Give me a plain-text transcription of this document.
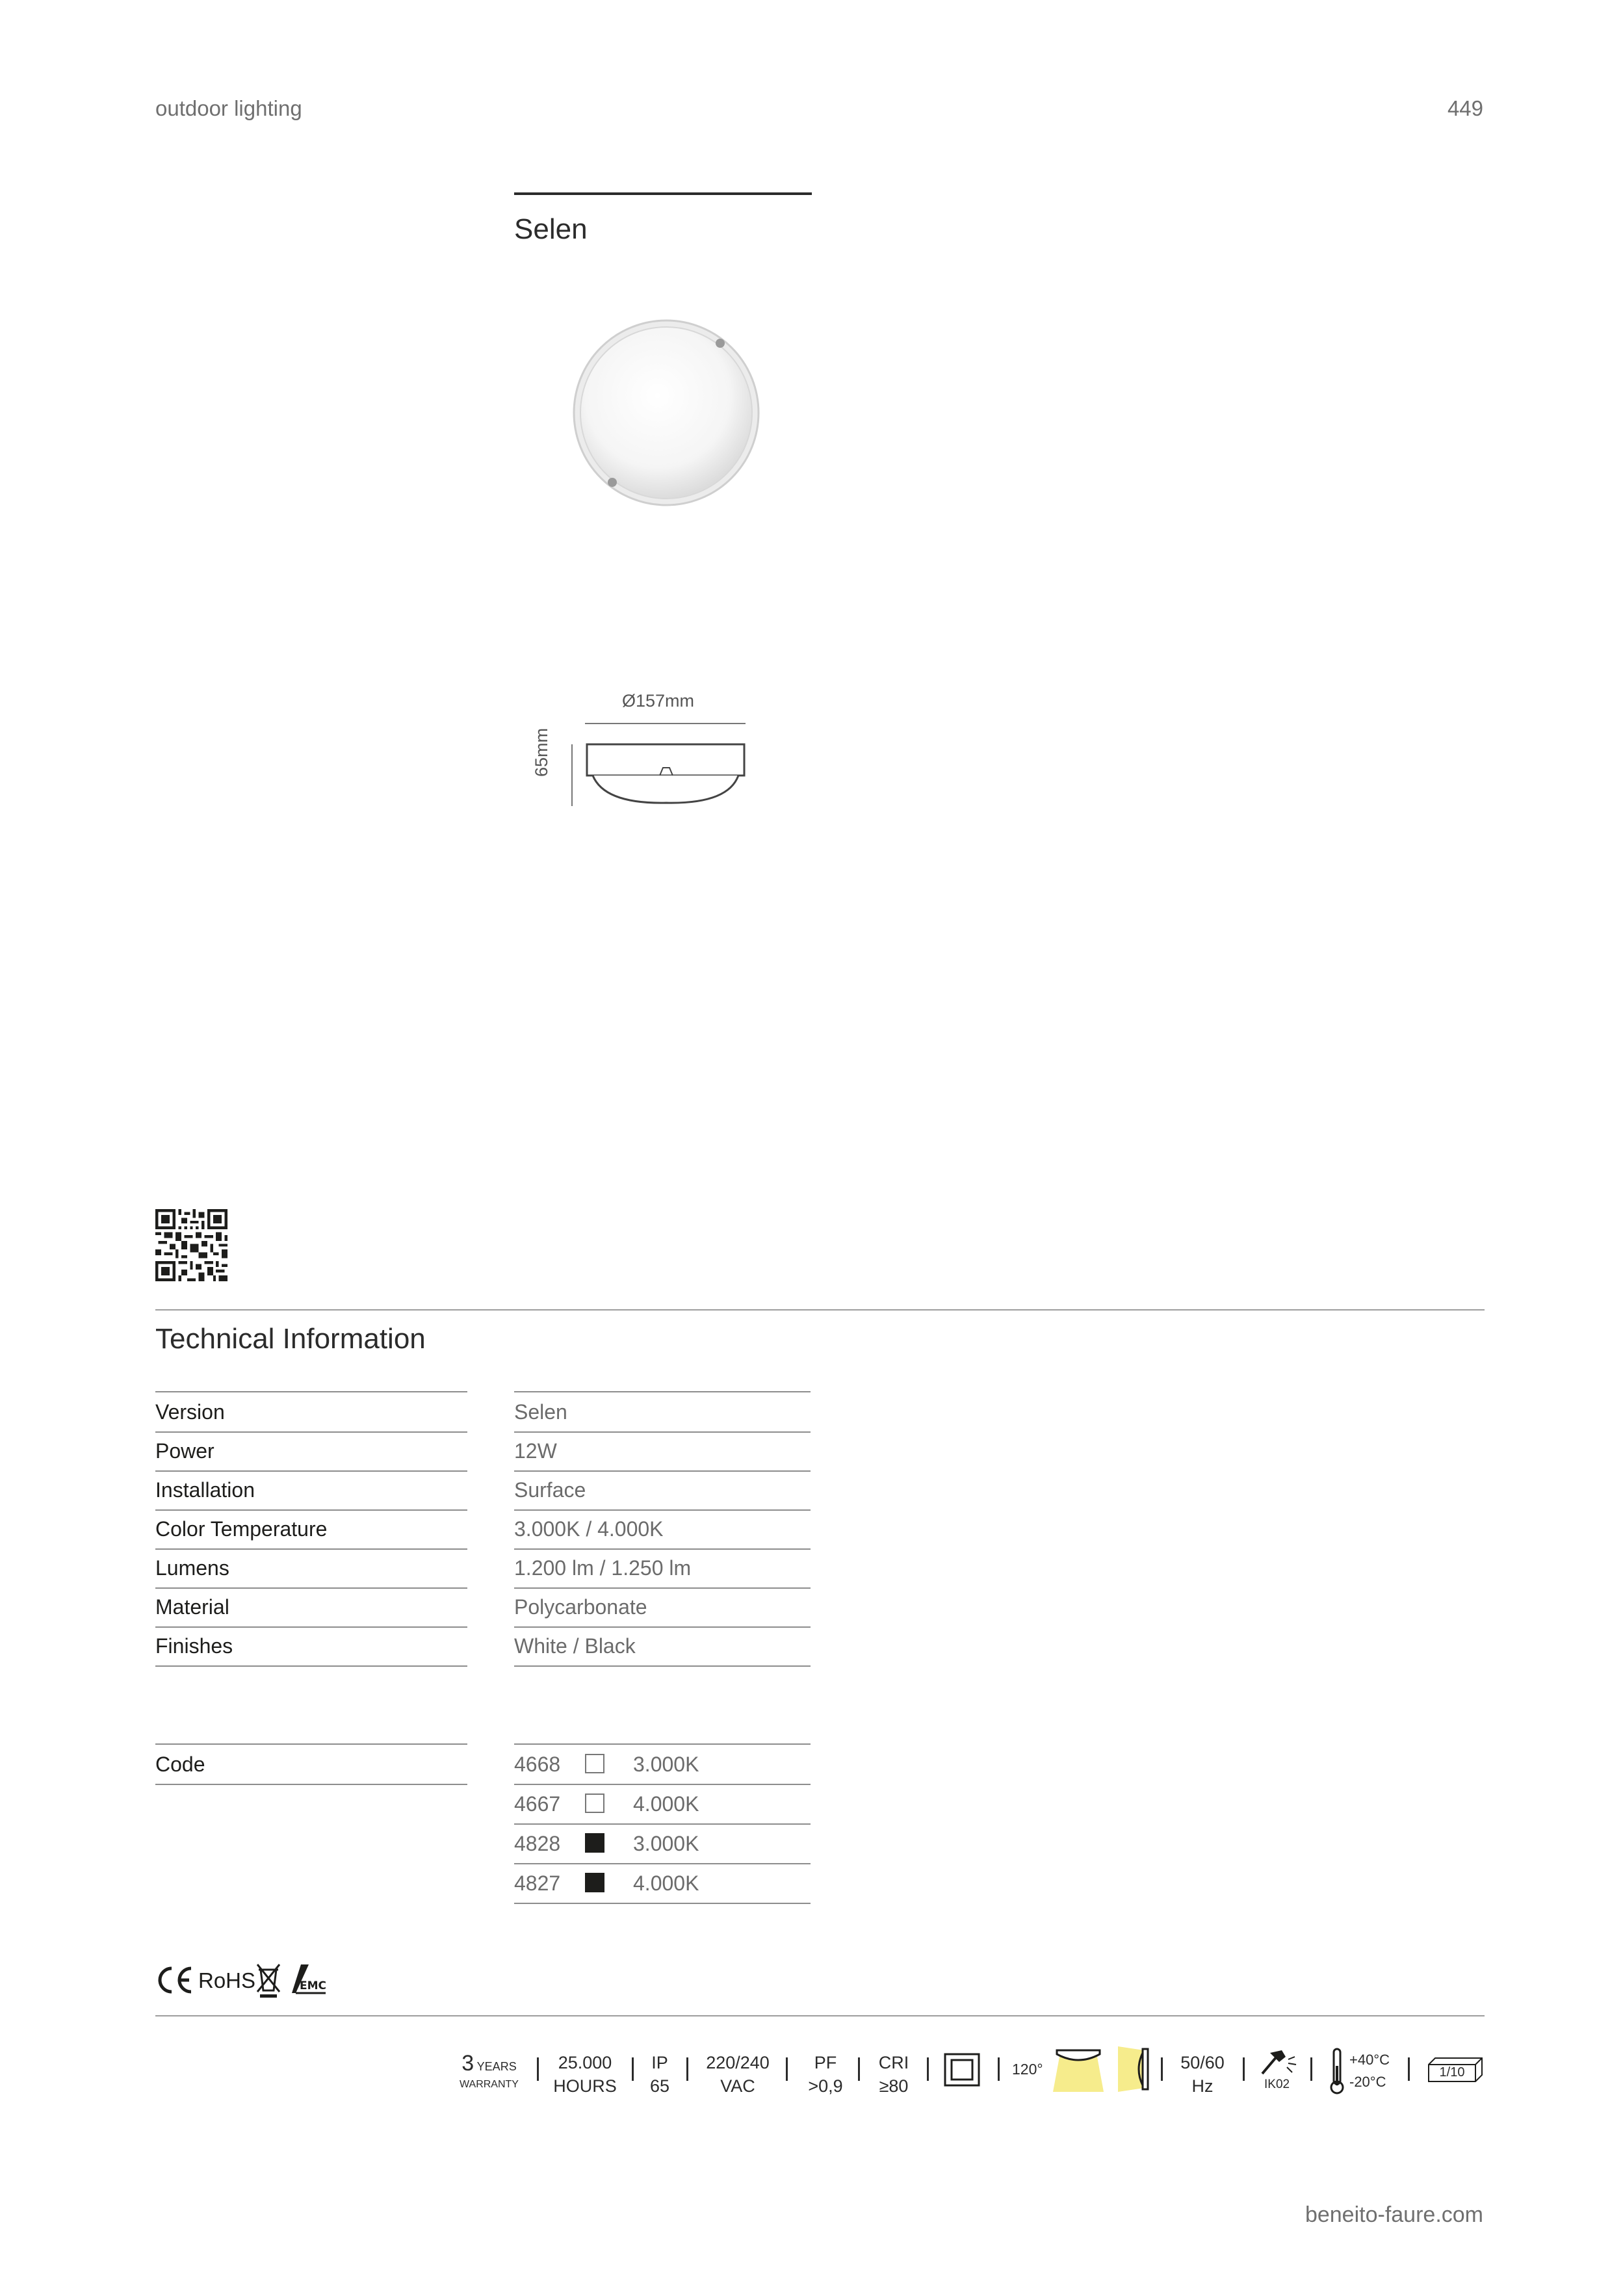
outdoor lighting	449
Selen
Ø157mm
65mm
Technical Information
Version	Selen
Power	12W
Installation	Surface
Color Temperature	3.000K / 4.000K
Lumens	1.200 lm / 1.250 lm
Material	Polycarbonate
Finishes	White / Black
Code	4668	3.000K
4667	4.000K
4828	3.000K
4827	4.000K
RoHS	EMC
3 YEARS
WARRANTY
25.000
HOURS
IP
65
220/240
VAC
PF
>0,9
CRI
≥80
120°	50/60
Hz	IK02
+40°C
-20°C
1/10
beneito-faure.com
